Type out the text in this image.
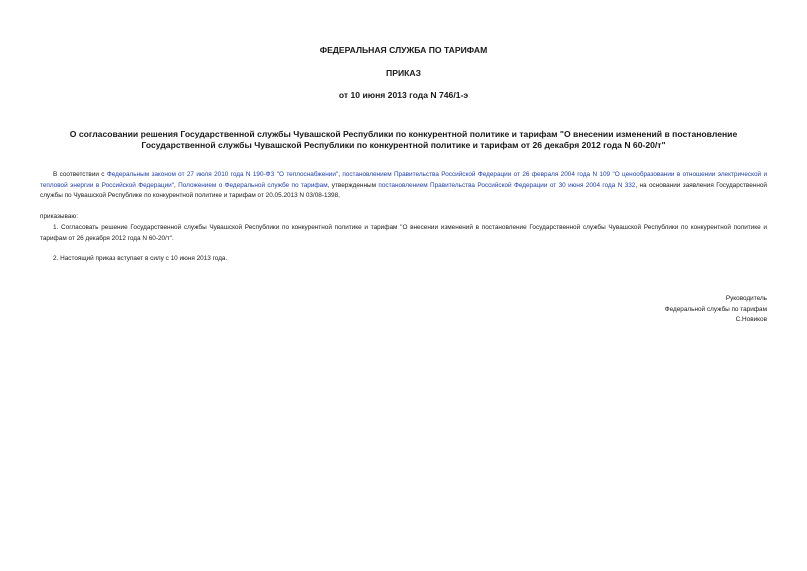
ФЕДЕРАЛЬНАЯ СЛУЖБА ПО ТАРИФАМ
ПРИКАЗ
от 10 июня 2013 года N 746/1-э
О согласовании решения Государственной службы Чувашской Республики по конкурентной политике и тарифам "О внесении изменений в постановление
Государственной службы Чувашской Республики по конкурентной политике и тарифам от 26 декабря 2012 года N 60-20/т"
В соответствии с Федеральным законом от 27 июля 2010 года N 190-ФЗ "О теплоснабжении", постановлением Правительства Российской Федерации от 26 февраля 2004 года N 109 "О ценообразовании в отношении электрической и тепловой энергии в Российской Федерации", Положением о Федеральной службе по тарифам, утвержденным постановлением Правительства Российской Федерации от 30 июня 2004 года N 332, на основании заявления Государственной службы по Чувашской Республике по конкурентной политике и тарифам от 20.05.2013 N 03/08-1398,
приказываю:
1. Согласовать решение Государственной службы Чувашской Республики по конкурентной политике и тарифам "О внесении изменений в постановление Государственной службы Чувашской Республики по конкурентной политике и тарифам от 26 декабря 2012 года N 60-20/т".
2. Настоящий приказ вступает в силу с 10 июня 2013 года.
Руководитель
Федеральной службы по тарифам
С.Новиков
